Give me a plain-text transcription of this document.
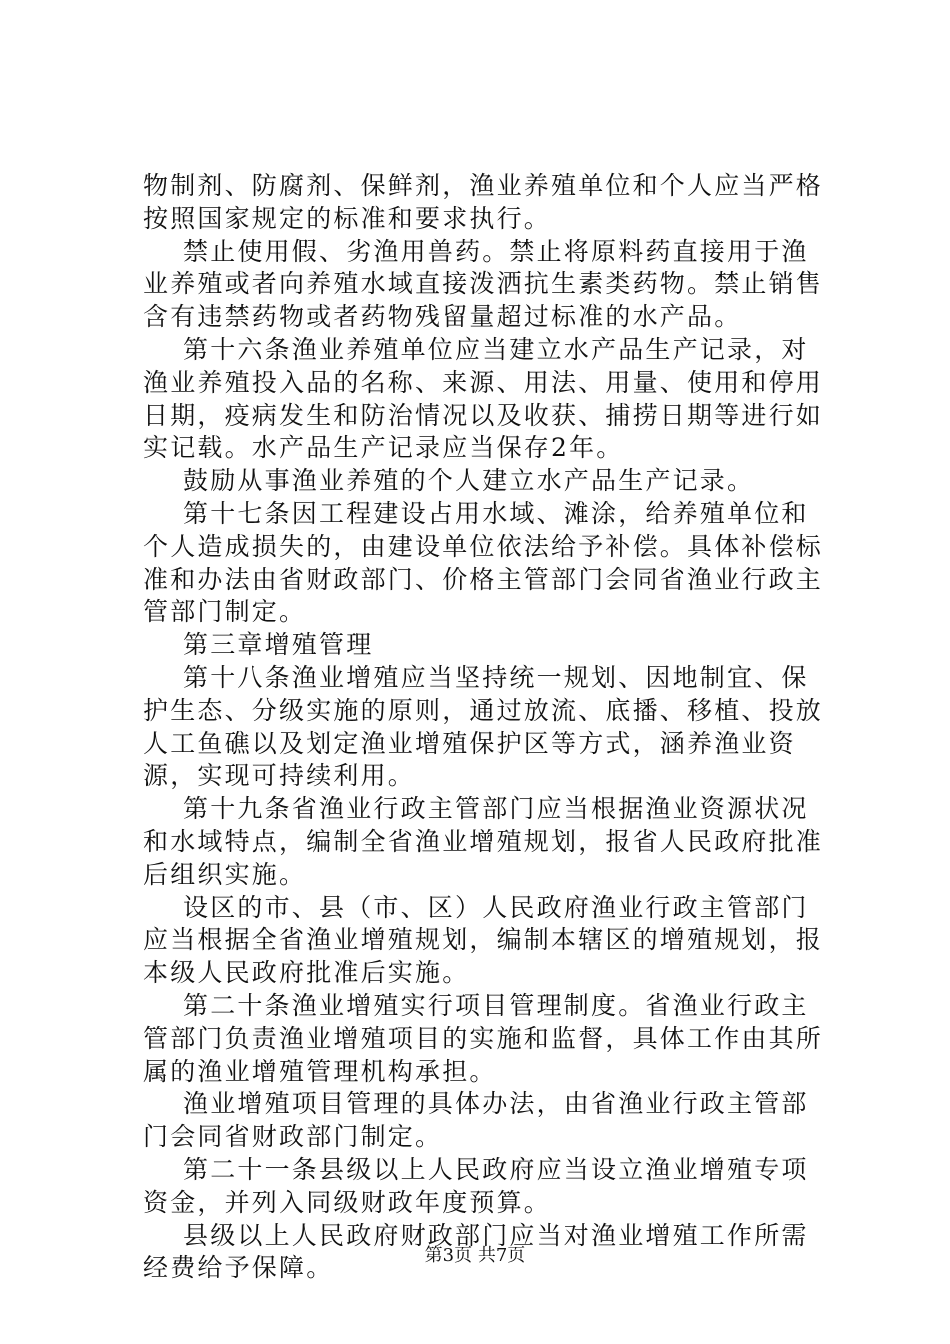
物制剂、防腐剂、保鲜剂，渔业养殖单位和个人应当严格按照国家规定的标准和要求执行。

禁止使用假、劣渔用兽药。禁止将原料药直接用于渔业养殖或者向养殖水域直接泼洒抗生素类药物。禁止销售含有违禁药物或者药物残留量超过标准的水产品。

第十六条渔业养殖单位应当建立水产品生产记录，对渔业养殖投入品的名称、来源、用法、用量、使用和停用日期，疫病发生和防治情况以及收获、捕捞日期等进行如实记载。水产品生产记录应当保存2年。

鼓励从事渔业养殖的个人建立水产品生产记录。

第十七条因工程建设占用水域、滩涂，给养殖单位和个人造成损失的，由建设单位依法给予补偿。具体补偿标准和办法由省财政部门、价格主管部门会同省渔业行政主管部门制定。

第三章增殖管理

第十八条渔业增殖应当坚持统一规划、因地制宜、保护生态、分级实施的原则，通过放流、底播、移植、投放人工鱼礁以及划定渔业增殖保护区等方式，涵养渔业资源，实现可持续利用。

第十九条省渔业行政主管部门应当根据渔业资源状况和水域特点，编制全省渔业增殖规划，报省人民政府批准后组织实施。

设区的市、县（市、区）人民政府渔业行政主管部门应当根据全省渔业增殖规划，编制本辖区的增殖规划，报本级人民政府批准后实施。

第二十条渔业增殖实行项目管理制度。省渔业行政主管部门负责渔业增殖项目的实施和监督，具体工作由其所属的渔业增殖管理机构承担。

渔业增殖项目管理的具体办法，由省渔业行政主管部门会同省财政部门制定。

第二十一条县级以上人民政府应当设立渔业增殖专项资金，并列入同级财政年度预算。

县级以上人民政府财政部门应当对渔业增殖工作所需经费给予保障。	第3页 共7页
